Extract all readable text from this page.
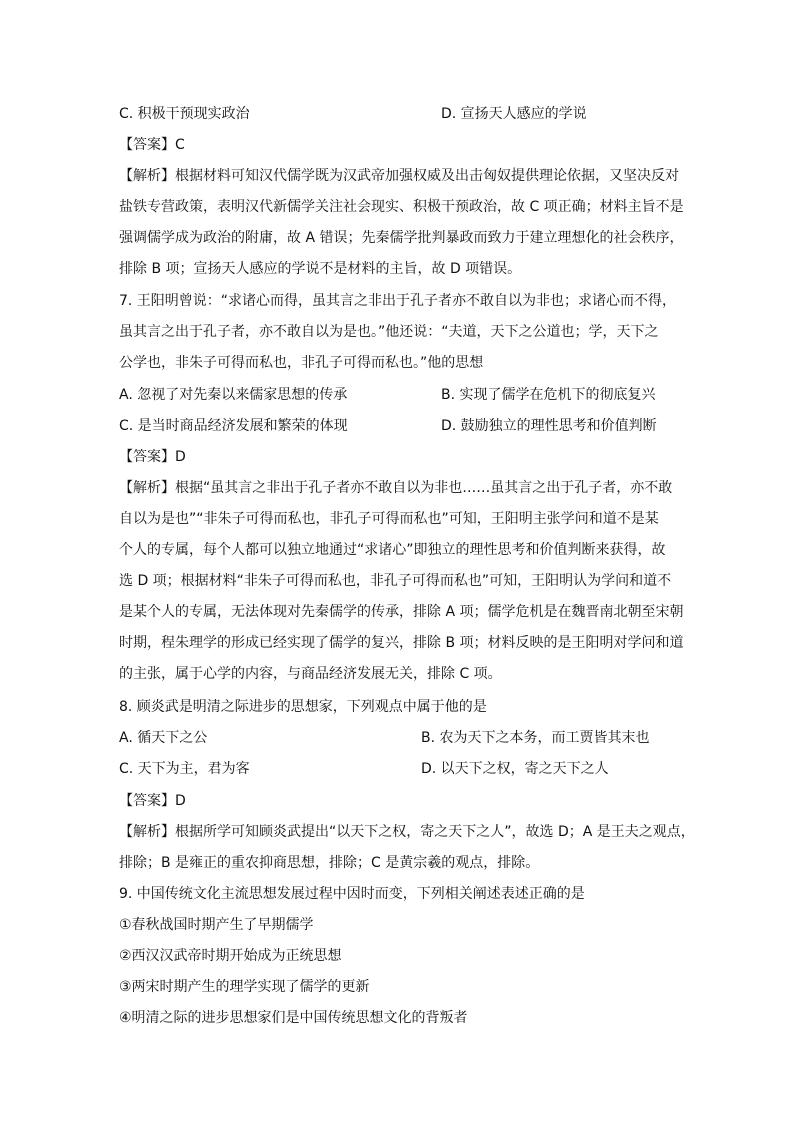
C. 积极干预现实政治	D. 宣扬天人感应的学说
【答案】C
【解析】根据材料可知汉代儒学既为汉武帝加强权威及出击匈奴提供理论依据，又坚决反对
盐铁专营政策，表明汉代新儒学关注社会现实、积极干预政治，故 C 项正确；材料主旨不是
强调儒学成为政治的附庸，故 A 错误；先秦儒学批判暴政而致力于建立理想化的社会秩序，
排除 B 项；宣扬天人感应的学说不是材料的主旨，故 D 项错误。
7. 王阳明曾说：“求诸心而得，虽其言之非出于孔子者亦不敢自以为非也；求诸心而不得，
虽其言之出于孔子者，亦不敢自以为是也。”他还说：“夫道，天下之公道也；学，天下之
公学也，非朱子可得而私也，非孔子可得而私也。”他的思想
A. 忽视了对先秦以来儒家思想的传承	B. 实现了儒学在危机下的彻底复兴
C. 是当时商品经济发展和繁荣的体现	D. 鼓励独立的理性思考和价值判断
【答案】D
【解析】根据“虽其言之非出于孔子者亦不敢自以为非也……虽其言之出于孔子者，亦不敢
自以为是也”“非朱子可得而私也，非孔子可得而私也”可知，王阳明主张学问和道不是某
个人的专属，每个人都可以独立地通过“求诸心”即独立的理性思考和价值判断来获得，故
选 D 项；根据材料“非朱子可得而私也，非孔子可得而私也”可知，王阳明认为学问和道不
是某个人的专属，无法体现对先秦儒学的传承，排除 A 项；儒学危机是在魏晋南北朝至宋朝
时期，程朱理学的形成已经实现了儒学的复兴，排除 B 项；材料反映的是王阳明对学问和道
的主张，属于心学的内容，与商品经济发展无关，排除 C 项。
8. 顾炎武是明清之际进步的思想家，下列观点中属于他的是
A. 循天下之公	B. 农为天下之本务，而工贾皆其末也
C. 天下为主，君为客	D. 以天下之权，寄之天下之人
【答案】D
【解析】根据所学可知顾炎武提出“以天下之权，寄之天下之人”，故选 D；A 是王夫之观点，
排除；B 是雍正的重农抑商思想，排除；C 是黄宗羲的观点，排除。
9. 中国传统文化主流思想发展过程中因时而变，下列相关阐述表述正确的是
①春秋战国时期产生了早期儒学
②西汉汉武帝时期开始成为正统思想
③两宋时期产生的理学实现了儒学的更新
④明清之际的进步思想家们是中国传统思想文化的背叛者
